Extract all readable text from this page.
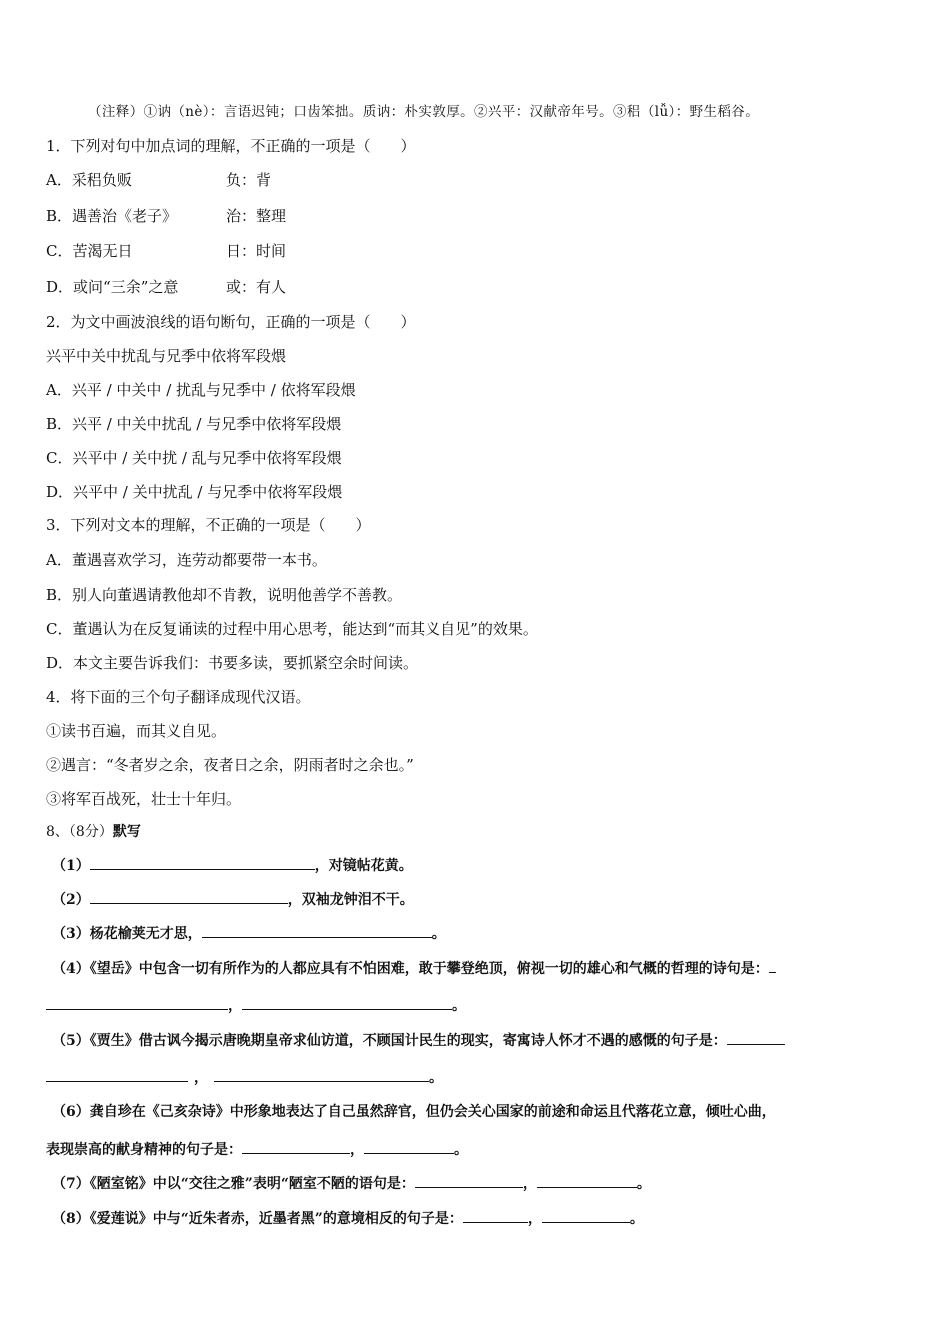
（注释）①讷（nè）：言语迟钝；口齿笨拙。质讷：朴实敦厚。②兴平：汉献帝年号。③稆（lǚ）：野生稻谷。
1．下列对句中加点词的理解，不正确的一项是（　　）
A．采稆负贩	负：背
B．遇善治《老子》	治：整理
C．苦渴无日	日：时间
D．或问“三余”之意	或：有人
2．为文中画波浪线的语句断句，正确的一项是（　　）
兴平中关中扰乱与兄季中依将军段煨
A．兴平 / 中关中 / 扰乱与兄季中 / 依将军段煨
B．兴平 / 中关中扰乱 / 与兄季中依将军段煨
C．兴平中 / 关中扰 / 乱与兄季中依将军段煨
D．兴平中 / 关中扰乱 / 与兄季中依将军段煨
3．下列对文本的理解，不正确的一项是（　　）
A．董遇喜欢学习，连劳动都要带一本书。
B．别人向董遇请教他却不肯教，说明他善学不善教。
C．董遇认为在反复诵读的过程中用心思考，能达到“而其义自见”的效果。
D．本文主要告诉我们：书要多读，要抓紧空余时间读。
4．将下面的三个句子翻译成现代汉语。
①读书百遍，而其义自见。
②遇言：“冬者岁之余，夜者日之余，阴雨者时之余也。”
③将军百战死，壮士十年归。
8、（8分）默写
（1）	，对镜帖花黄。
（2）	，双袖龙钟泪不干。
（3）杨花榆荚无才思，	。
（4）《望岳》中包含一切有所作为的人都应具有不怕困难，敢于攀登绝顶，俯视一切的雄心和气概的哲理的诗句是：
，	。
（5）《贾生》借古讽今揭示唐晚期皇帝求仙访道，不顾国计民生的现实，寄寓诗人怀才不遇的感慨的句子是：
，	。
（6）龚自珍在《己亥杂诗》中形象地表达了自己虽然辞官，但仍会关心国家的前途和命运且代落花立意，倾吐心曲，
表现崇高的献身精神的句子是：	，	。
（7）《陋室铭》中以“交往之雅”表明“陋室不陋的语句是：	，	。
（8）《爱莲说》中与“近朱者赤，近墨者黑”的意境相反的句子是：	，	。
